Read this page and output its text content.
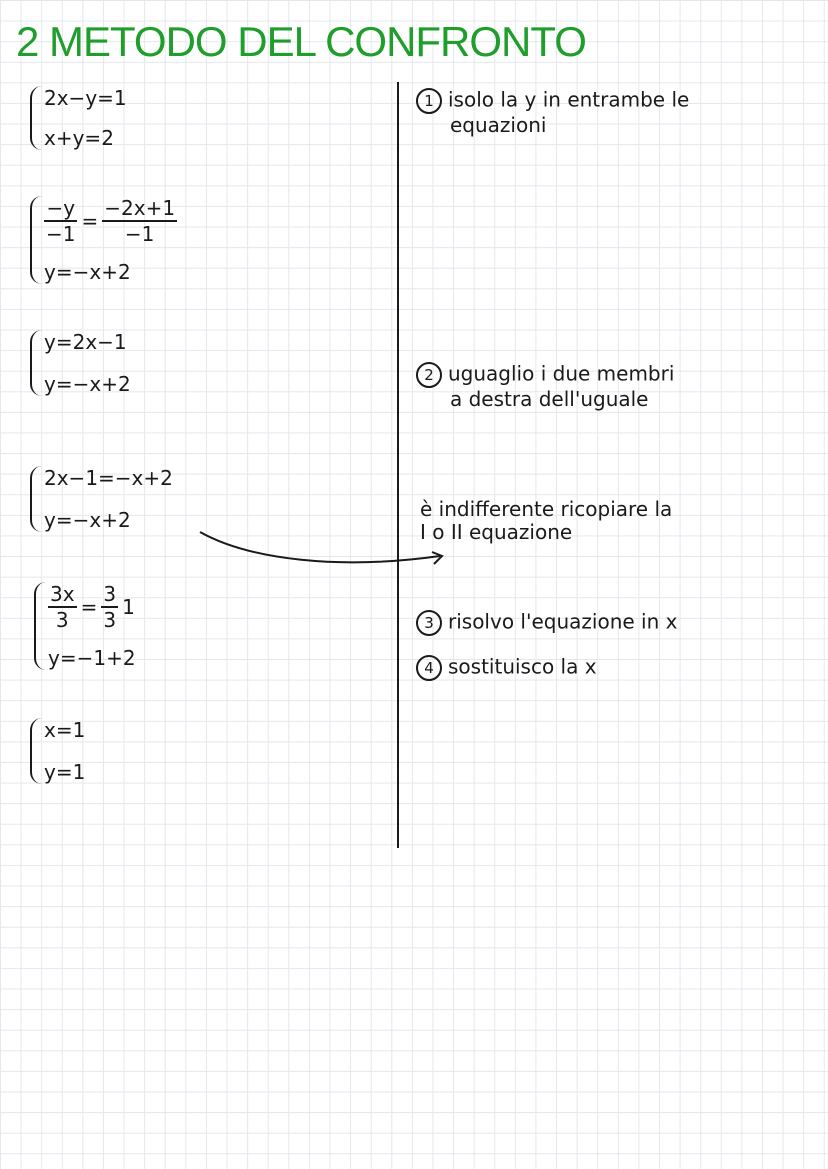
2 METODO DEL CONFRONTO
2x−y=1
x+y=2
$\frac{-y}{-1} = \frac{-2x+1}{-1}$
y=−x+2
y=2x−1
y=−x+2
2x−1=−x+2
y=−x+2
$\frac{3x}{3} = \frac{3}{3} 1$
y=−1+2
x=1
y=1
1 isolo la y in entrambe le
equazioni
2 uguaglio i due membri
a destra dell'uguale
è indifferente ricopiare la
I o II equazione
3 risolvo l'equazione in x
4 sostituisco la x
